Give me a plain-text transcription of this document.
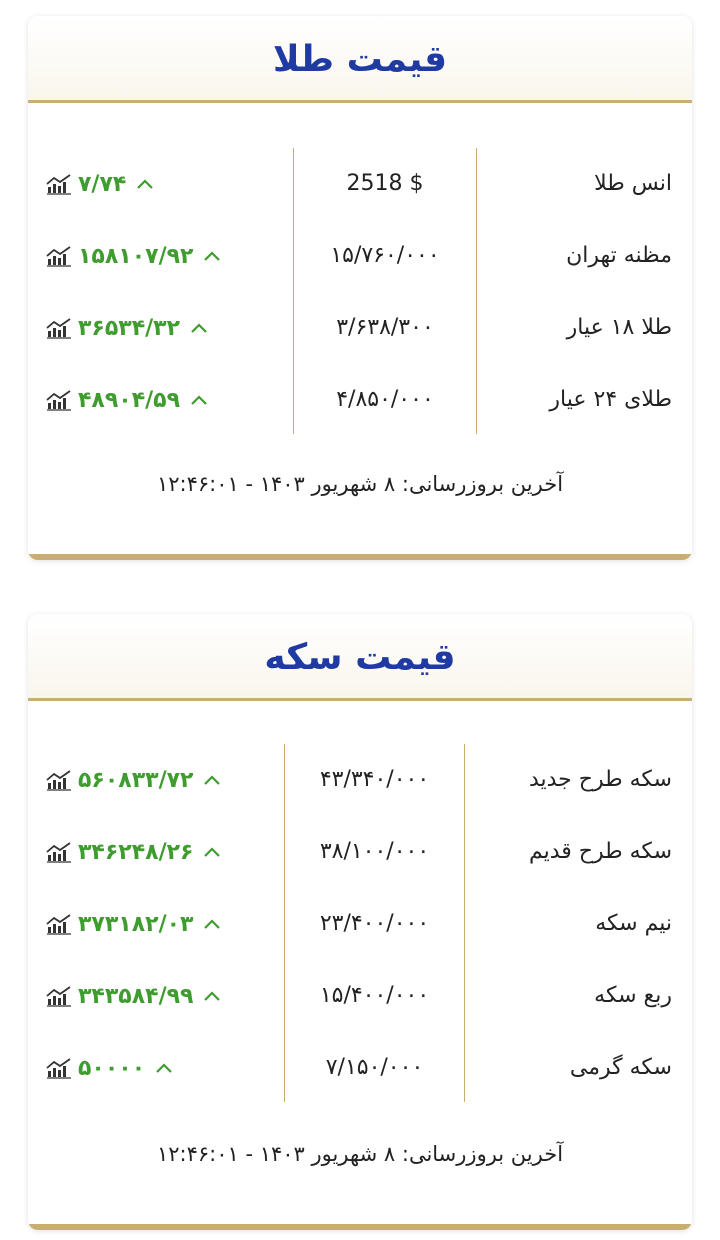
قیمت طلا
انس طلا
2518 $
۷/۷۴
مظنه تهران
۱۵/۷۶۰/۰۰۰
۱۵۸۱۰۷/۹۲
طلا ۱۸ عیار
۳/۶۳۸/۳۰۰
۳۶۵۳۴/۳۲
طلای ۲۴ عیار
۴/۸۵۰/۰۰۰
۴۸۹۰۴/۵۹
آخرین بروزرسانی: ۸ شهریور ۱۴۰۳ - ۱۲:۴۶:۰۱
قیمت سکه
سکه طرح جدید
۴۳/۳۴۰/۰۰۰
۵۶۰۸۳۳/۷۲
سکه طرح قدیم
۳۸/۱۰۰/۰۰۰
۳۴۶۲۴۸/۲۶
نیم سکه
۲۳/۴۰۰/۰۰۰
۳۷۳۱۸۲/۰۳
ربع سکه
۱۵/۴۰۰/۰۰۰
۳۴۳۵۸۴/۹۹
سکه گرمی
۷/۱۵۰/۰۰۰
۵۰۰۰۰
آخرین بروزرسانی: ۸ شهریور ۱۴۰۳ - ۱۲:۴۶:۰۱
